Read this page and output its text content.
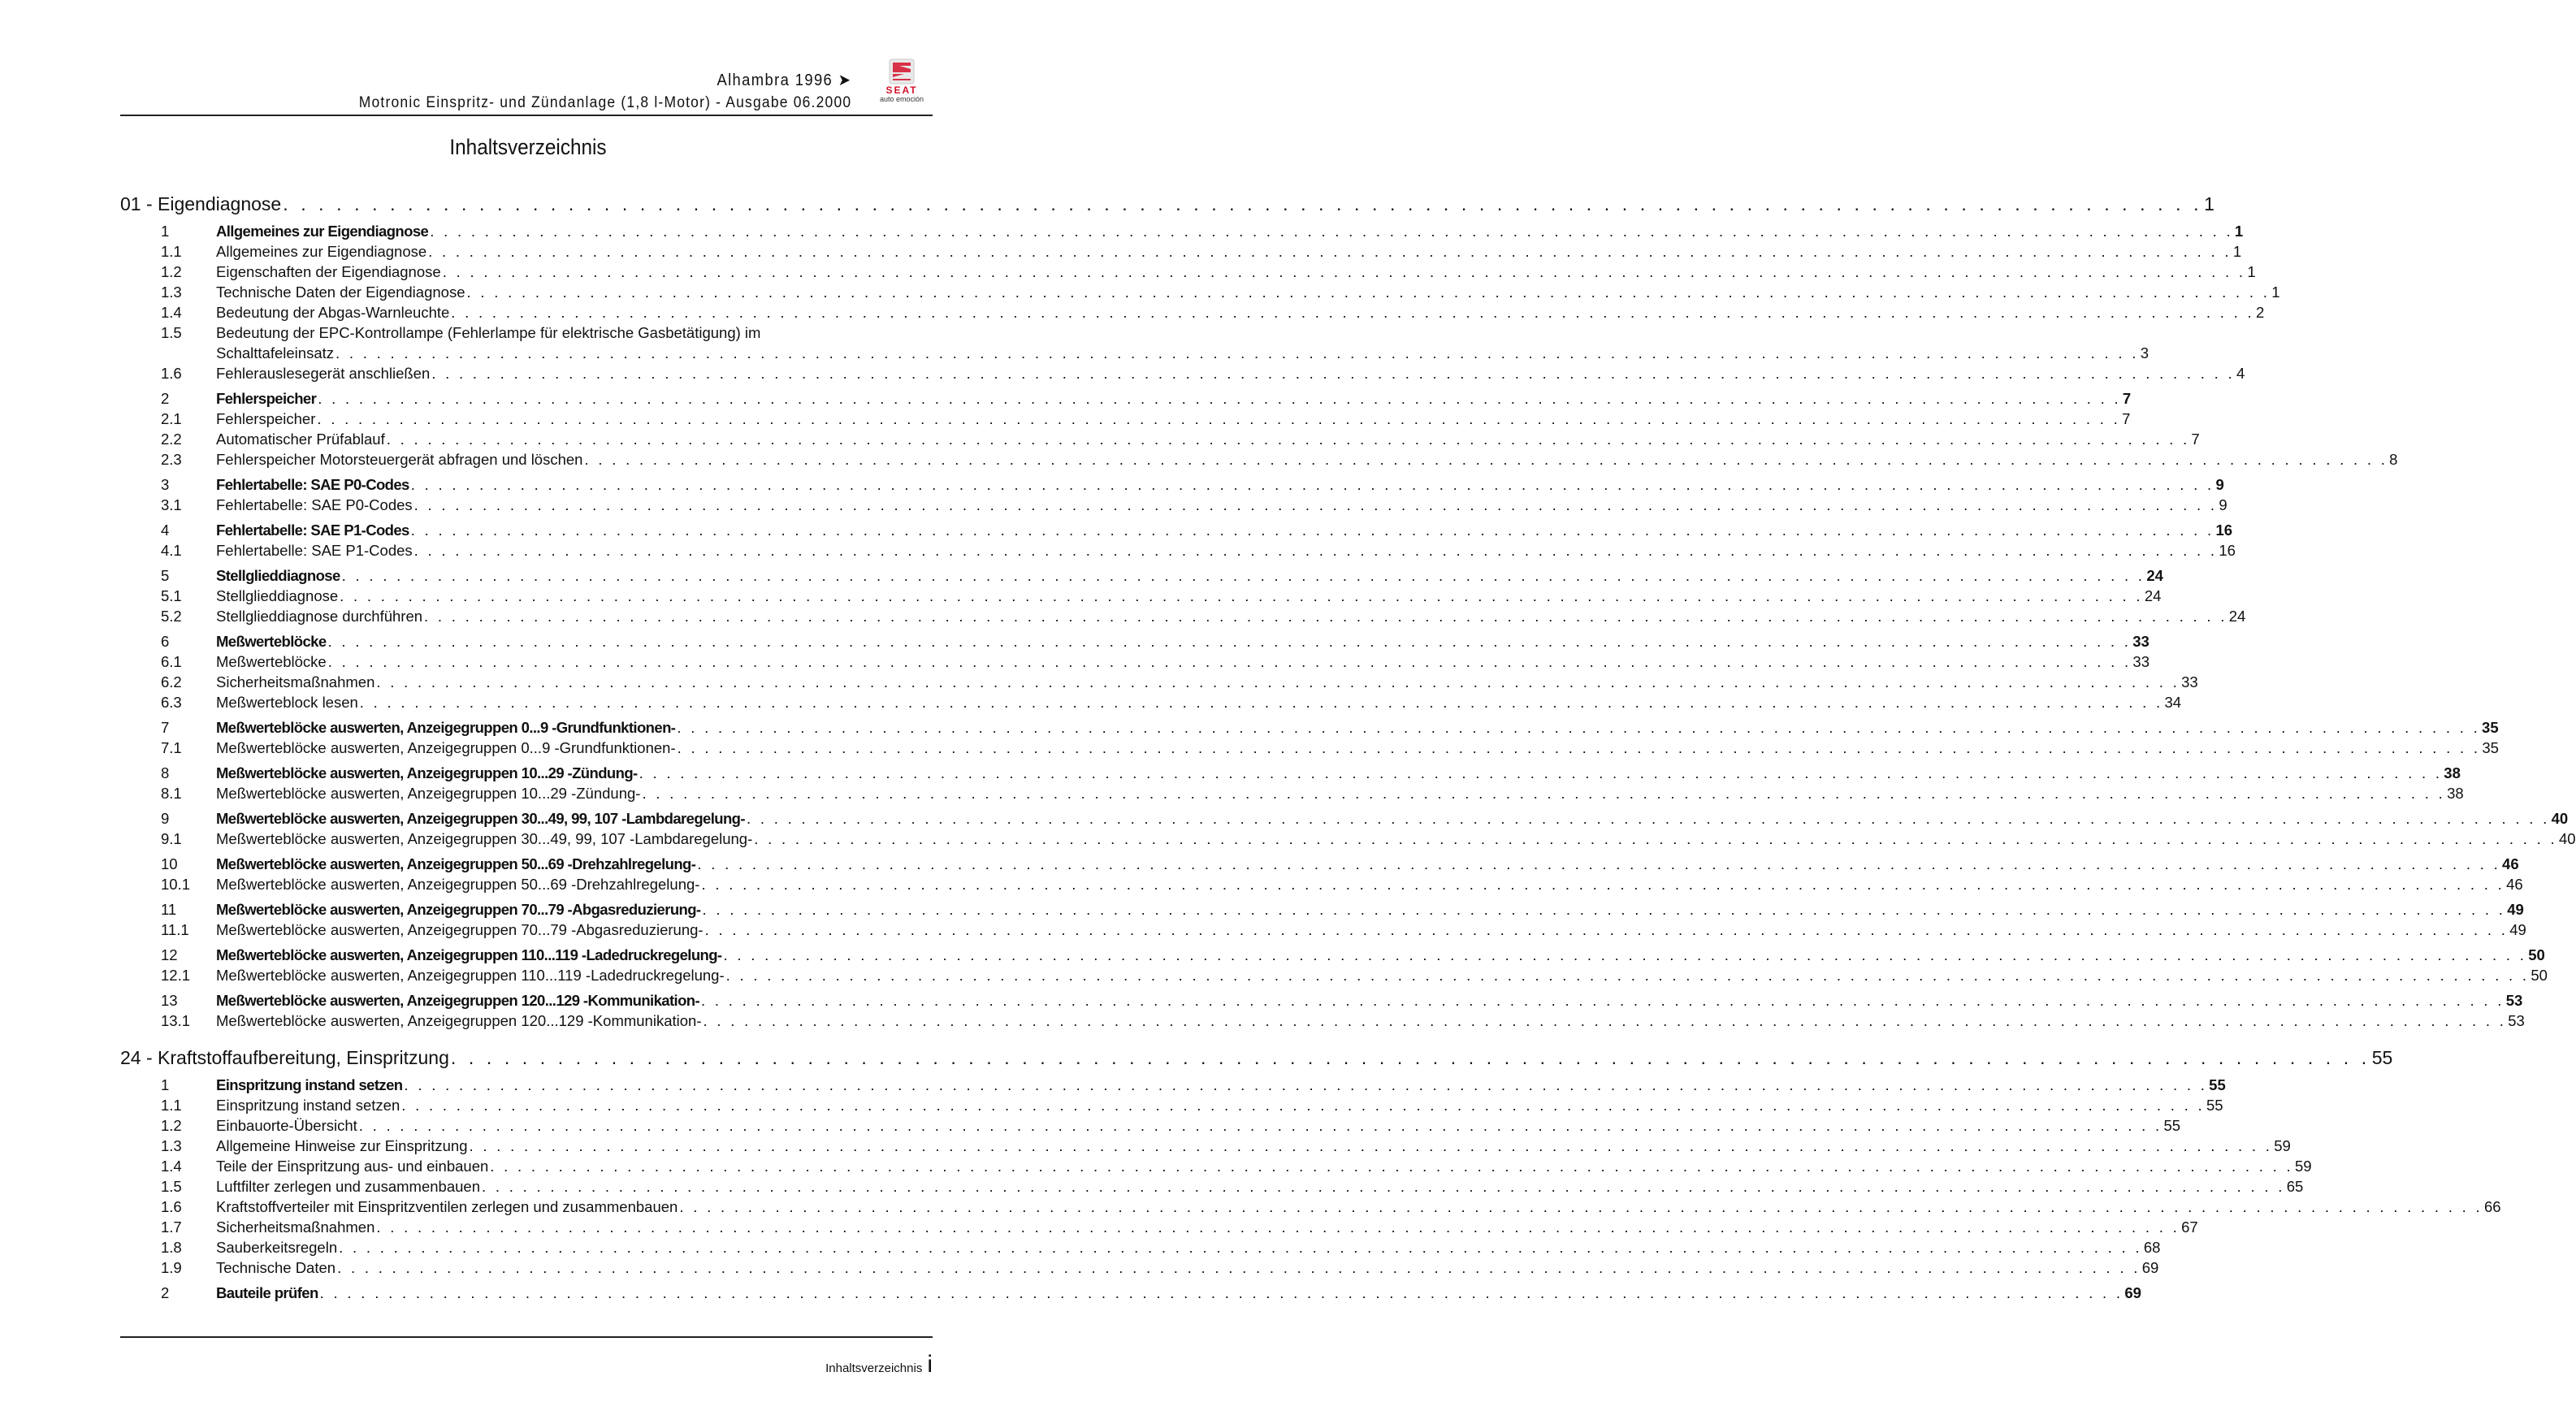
Alhambra 1996 ➤
Motronic Einspritz- und Zündanlage (1,8 l-Motor) - Ausgabe 06.2000
SEAT
auto emoción
Inhaltsverzeichnis
01 - Eigendiagnose . . .	1
1	Allgemeines zur Eigendiagnose . . .	1
1.1	Allgemeines zur Eigendiagnose . . .	1
1.2	Eigenschaften der Eigendiagnose . . .	1
1.3	Technische Daten der Eigendiagnose . . .	1
1.4	Bedeutung der Abgas-Warnleuchte . . .	2
1.5	Bedeutung der EPC-Kontrollampe (Fehlerlampe für elektrische Gasbetätigung) im
Schalttafeleinsatz . . .	3
1.6	Fehlerauslesegerät anschließen . . .	4
2	Fehlerspeicher . . .	7
2.1	Fehlerspeicher . . .	7
2.2	Automatischer Prüfablauf . . .	7
2.3	Fehlerspeicher Motorsteuergerät abfragen und löschen . . .	8
3	Fehlertabelle: SAE P0-Codes . . .	9
3.1	Fehlertabelle: SAE P0-Codes . . .	9
4	Fehlertabelle: SAE P1-Codes . . .	16
4.1	Fehlertabelle: SAE P1-Codes . . .	16
5	Stellglieddiagnose . . .	24
5.1	Stellglieddiagnose . . .	24
5.2	Stellglieddiagnose durchführen . . .	24
6	Meßwerteblöcke . . .	33
6.1	Meßwerteblöcke . . .	33
6.2	Sicherheitsmaßnahmen . . .	33
6.3	Meßwerteblock lesen . . .	34
7	Meßwerteblöcke auswerten, Anzeigegruppen 0...9 -Grundfunktionen- . . .	35
7.1	Meßwerteblöcke auswerten, Anzeigegruppen 0...9 -Grundfunktionen- . . .	35
8	Meßwerteblöcke auswerten, Anzeigegruppen 10...29 -Zündung- . . .	38
8.1	Meßwerteblöcke auswerten, Anzeigegruppen 10...29 -Zündung- . . .	38
9	Meßwerteblöcke auswerten, Anzeigegruppen 30...49, 99, 107 -Lambdaregelung- . . .	40
9.1	Meßwerteblöcke auswerten, Anzeigegruppen 30...49, 99, 107 -Lambdaregelung- . . .	40
10	Meßwerteblöcke auswerten, Anzeigegruppen 50...69 -Drehzahlregelung- . . .	46
10.1	Meßwerteblöcke auswerten, Anzeigegruppen 50...69 -Drehzahlregelung- . . .	46
11	Meßwerteblöcke auswerten, Anzeigegruppen 70...79 -Abgasreduzierung- . . .	49
11.1	Meßwerteblöcke auswerten, Anzeigegruppen 70...79 -Abgasreduzierung- . . .	49
12	Meßwerteblöcke auswerten, Anzeigegruppen 110...119 -Ladedruckregelung- . . .	50
12.1	Meßwerteblöcke auswerten, Anzeigegruppen 110...119 -Ladedruckregelung- . . .	50
13	Meßwerteblöcke auswerten, Anzeigegruppen 120...129 -Kommunikation- . . .	53
13.1	Meßwerteblöcke auswerten, Anzeigegruppen 120...129 -Kommunikation- . . .	53
24 - Kraftstoffaufbereitung, Einspritzung . . .	55
1	Einspritzung instand setzen . . .	55
1.1	Einspritzung instand setzen . . .	55
1.2	Einbauorte-Übersicht . . .	55
1.3	Allgemeine Hinweise zur Einspritzung . . .	59
1.4	Teile der Einspritzung aus- und einbauen . . .	59
1.5	Luftfilter zerlegen und zusammenbauen . . .	65
1.6	Kraftstoffverteiler mit Einspritzventilen zerlegen und zusammenbauen . . .	66
1.7	Sicherheitsmaßnahmen . . .	67
1.8	Sauberkeitsregeln . . .	68
1.9	Technische Daten . . .	69
2	Bauteile prüfen . . .	69
Inhaltsverzeichnis i
